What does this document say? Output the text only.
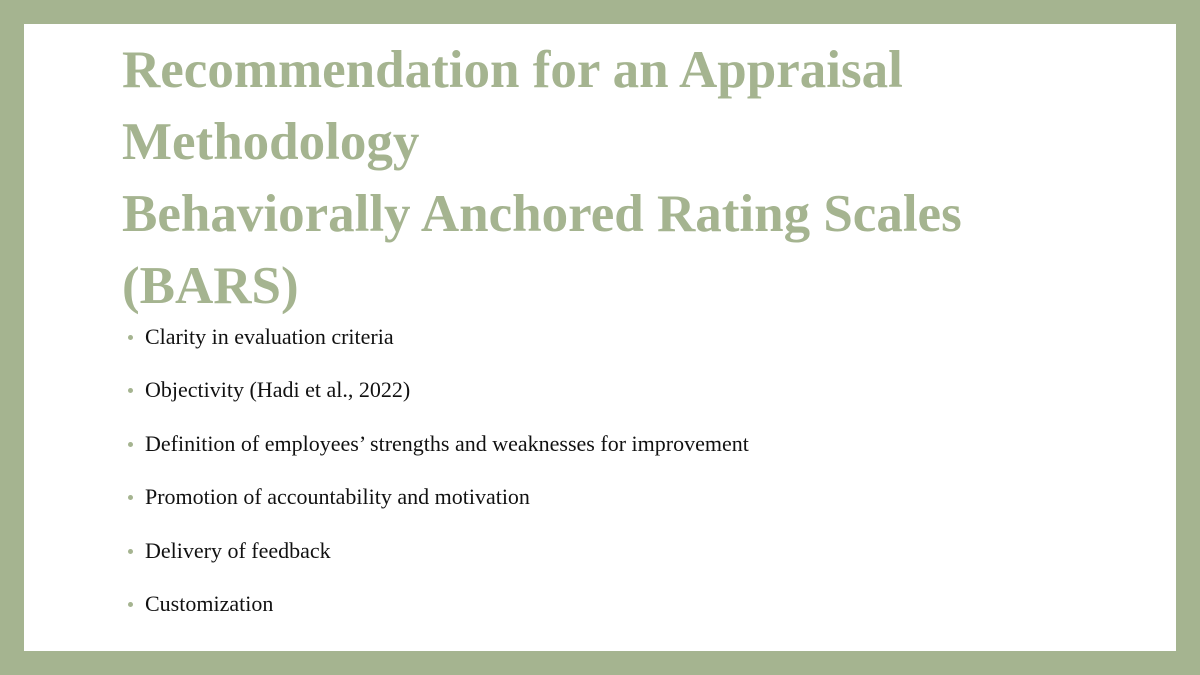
Recommendation for an Appraisal
Methodology
Behaviorally Anchored Rating Scales
(BARS)
Clarity in evaluation criteria
Objectivity (Hadi et al., 2022)
Definition of employees’ strengths and weaknesses for improvement
Promotion of accountability and motivation
Delivery of feedback
Customization
